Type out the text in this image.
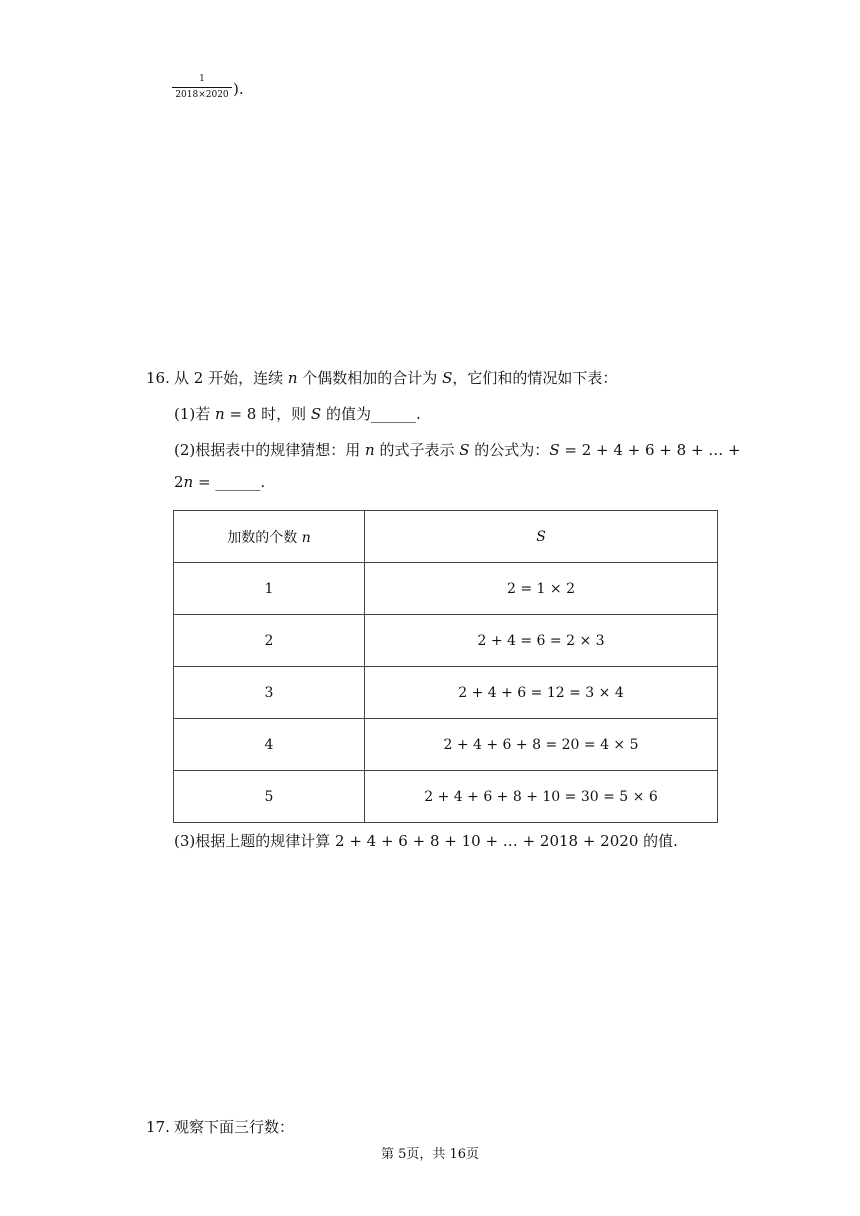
1
2018×2020 ).
16. 从 2 开始，连续 n 个偶数相加的合计为 S，它们和的情况如下表：
(1)若 n = 8 时，则 S 的值为______.
(2)根据表中的规律猜想：用 n 的式子表示 S 的公式为：S = 2 + 4 + 6 + 8 + … +
2n = ______.
加数的个数 n	S
1	2 = 1 × 2
2	2 + 4 = 6 = 2 × 3
3	2 + 4 + 6 = 12 = 3 × 4
4	2 + 4 + 6 + 8 = 20 = 4 × 5
5	2 + 4 + 6 + 8 + 10 = 30 = 5 × 6
(3)根据上题的规律计算 2 + 4 + 6 + 8 + 10 + … + 2018 + 2020 的值.
17. 观察下面三行数：
第 5页，共 16页
